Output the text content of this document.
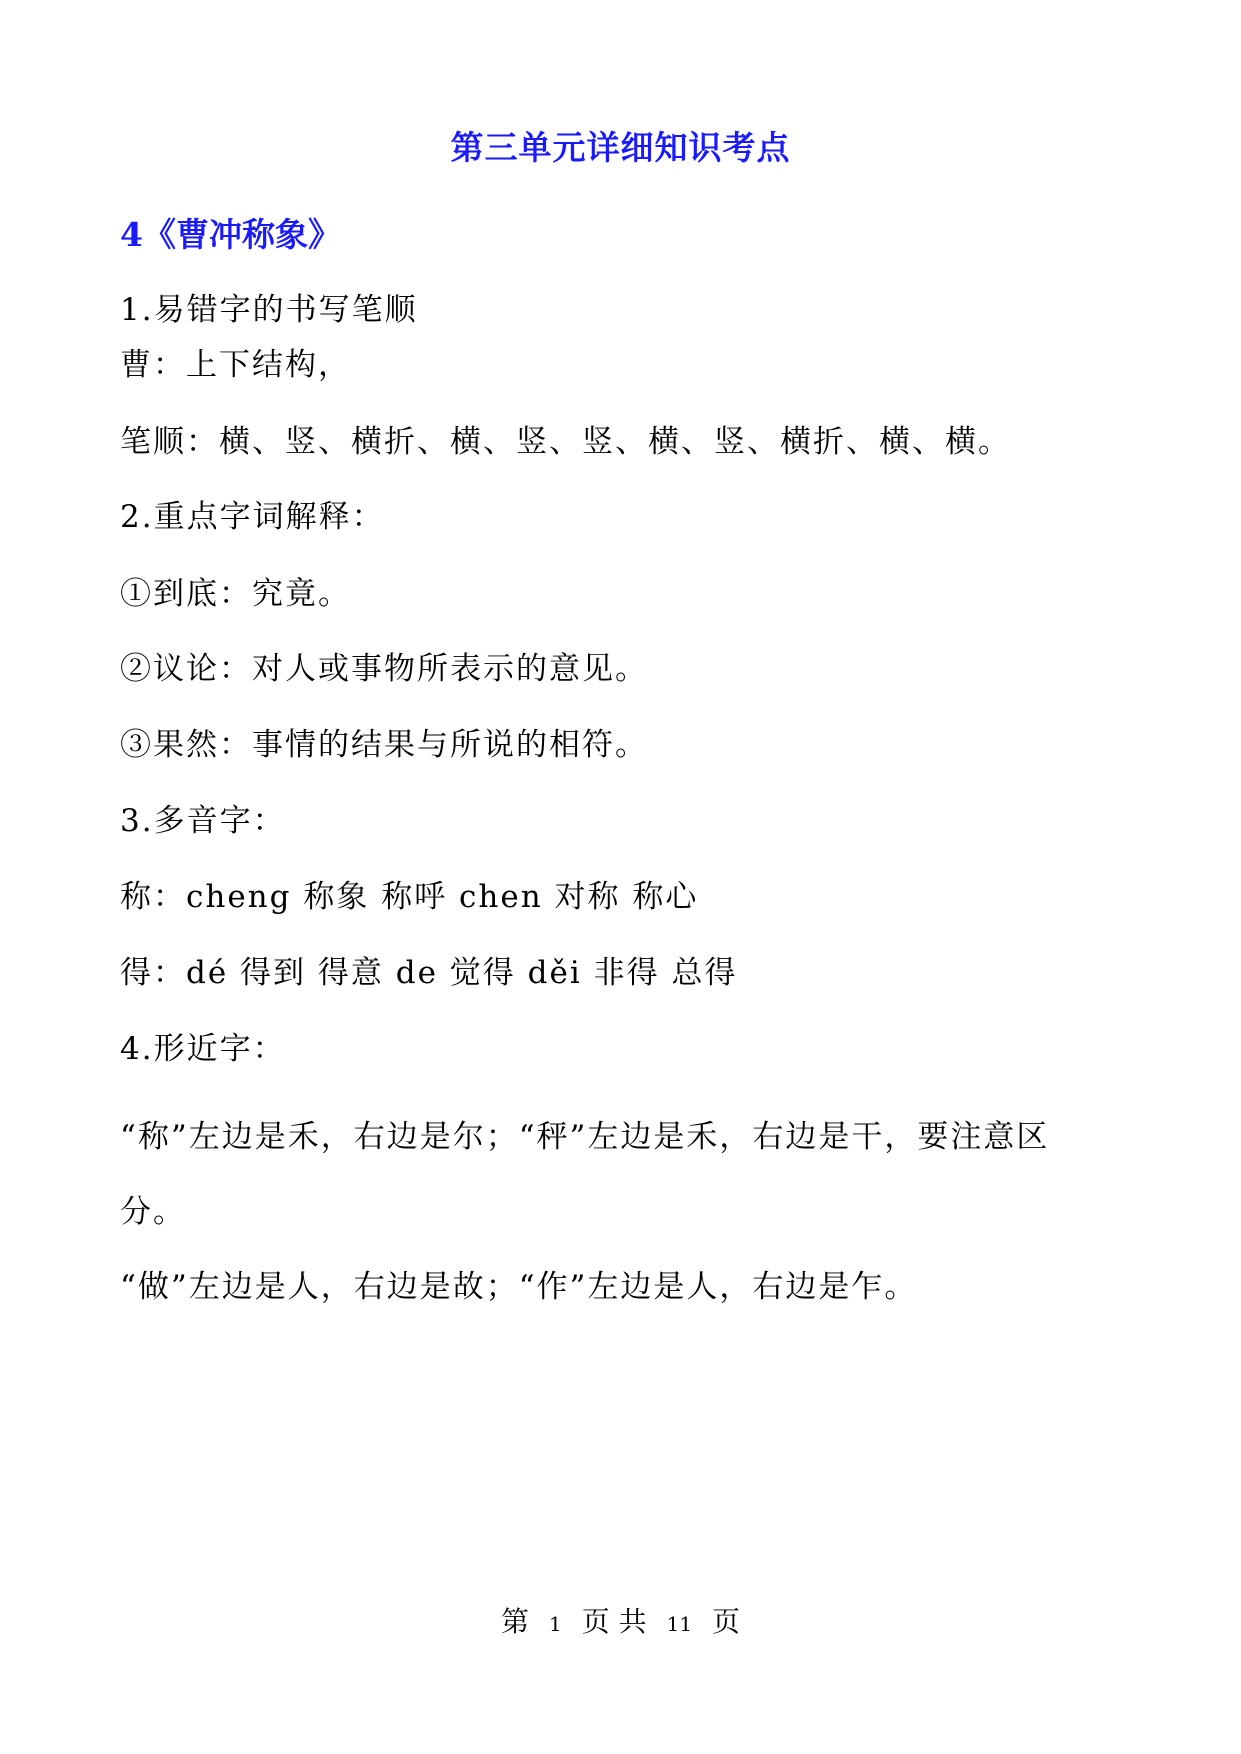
第三单元详细知识考点
4《曹冲称象》
1.易错字的书写笔顺
曹：上下结构，
笔顺：横、竖、横折、横、竖、竖、横、竖、横折、横、横。
2.重点字词解释：
①到底：究竟。
②议论：对人或事物所表示的意见。
③果然：事情的结果与所说的相符。
3.多音字：
称：cheng 称象 称呼 chen 对称 称心
得：dé 得到 得意 de 觉得 děi 非得 总得
4.形近字：
“称”左边是禾，右边是尔；“秤”左边是禾，右边是干，要注意区
分。
“做”左边是人，右边是故；“作”左边是人，右边是乍。
第 1 页 共 11 页
